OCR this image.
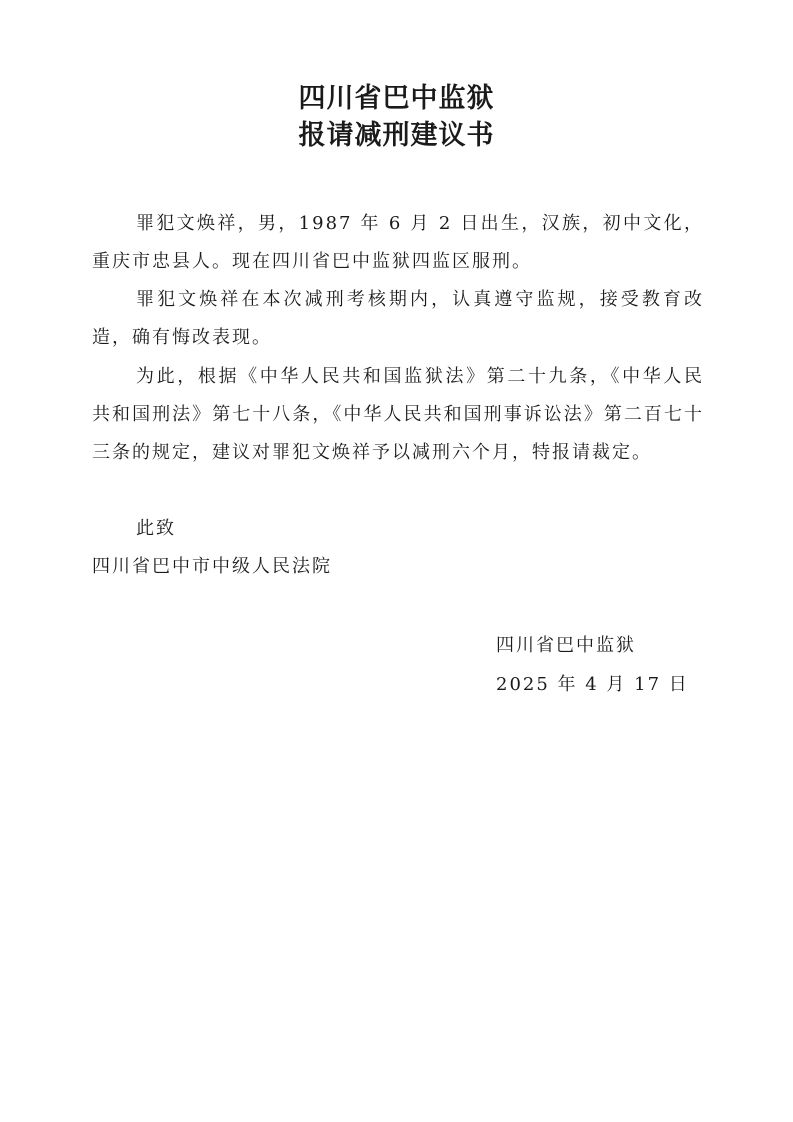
四川省巴中监狱
报请减刑建议书
罪犯文焕祥，男，1987 年 6 月 2 日出生，汉族，初中文化，重庆市忠县人。现在四川省巴中监狱四监区服刑。
罪犯文焕祥在本次减刑考核期内，认真遵守监规，接受教育改造，确有悔改表现。
为此，根据《中华人民共和国监狱法》第二十九条，《中华人民共和国刑法》第七十八条，《中华人民共和国刑事诉讼法》第二百七十三条的规定，建议对罪犯文焕祥予以减刑六个月，特报请裁定。
此致
四川省巴中市中级人民法院
四川省巴中监狱
2025 年 4 月 17 日
